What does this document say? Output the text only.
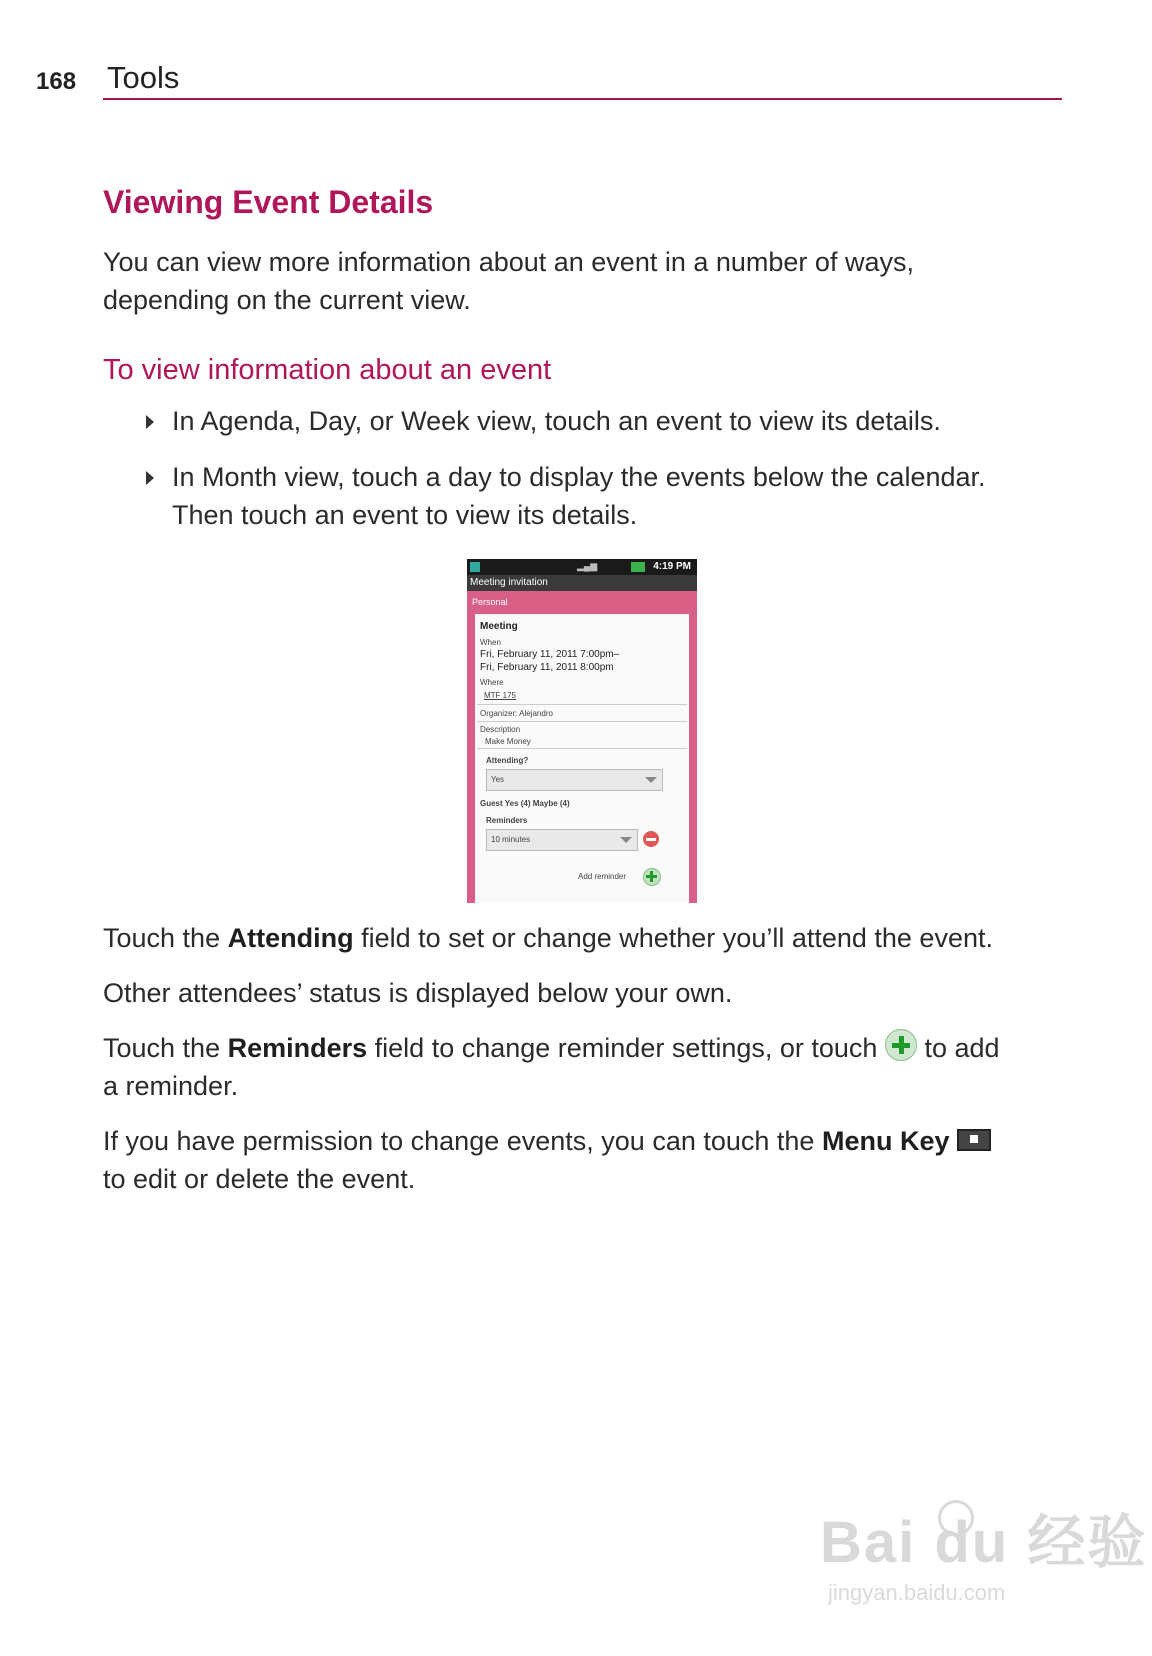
168 Tools
Viewing Event Details

You can view more information about an event in a number of ways,

depending on the current view.

To view information about an event
In Agenda, Day, or Week view, touch an event to view its details.
In Month view, touch a day to display the events below the calendar.
Then touch an event to view its details.
▂▄▆	4:19 PM
Meeting invitation
Personal
Meeting
When
Fri, February 11, 2011 7:00pm–
Fri, February 11, 2011 8:00pm
Where
MTF 175
Organizer: Alejandro
Description
Make Money
Attending?
Yes
Guest Yes (4) Maybe (4)
Reminders
10 minutes
Add reminder

Touch the Attending field to set or change whether you’ll attend the event.

Other attendees’ status is displayed below your own.

Touch the Reminders field to change reminder settings, or touch  to add

a reminder.

If you have permission to change events, you can touch the Menu Key

to edit or delete the event.

Bai du 经验
jingyan.baidu.com
